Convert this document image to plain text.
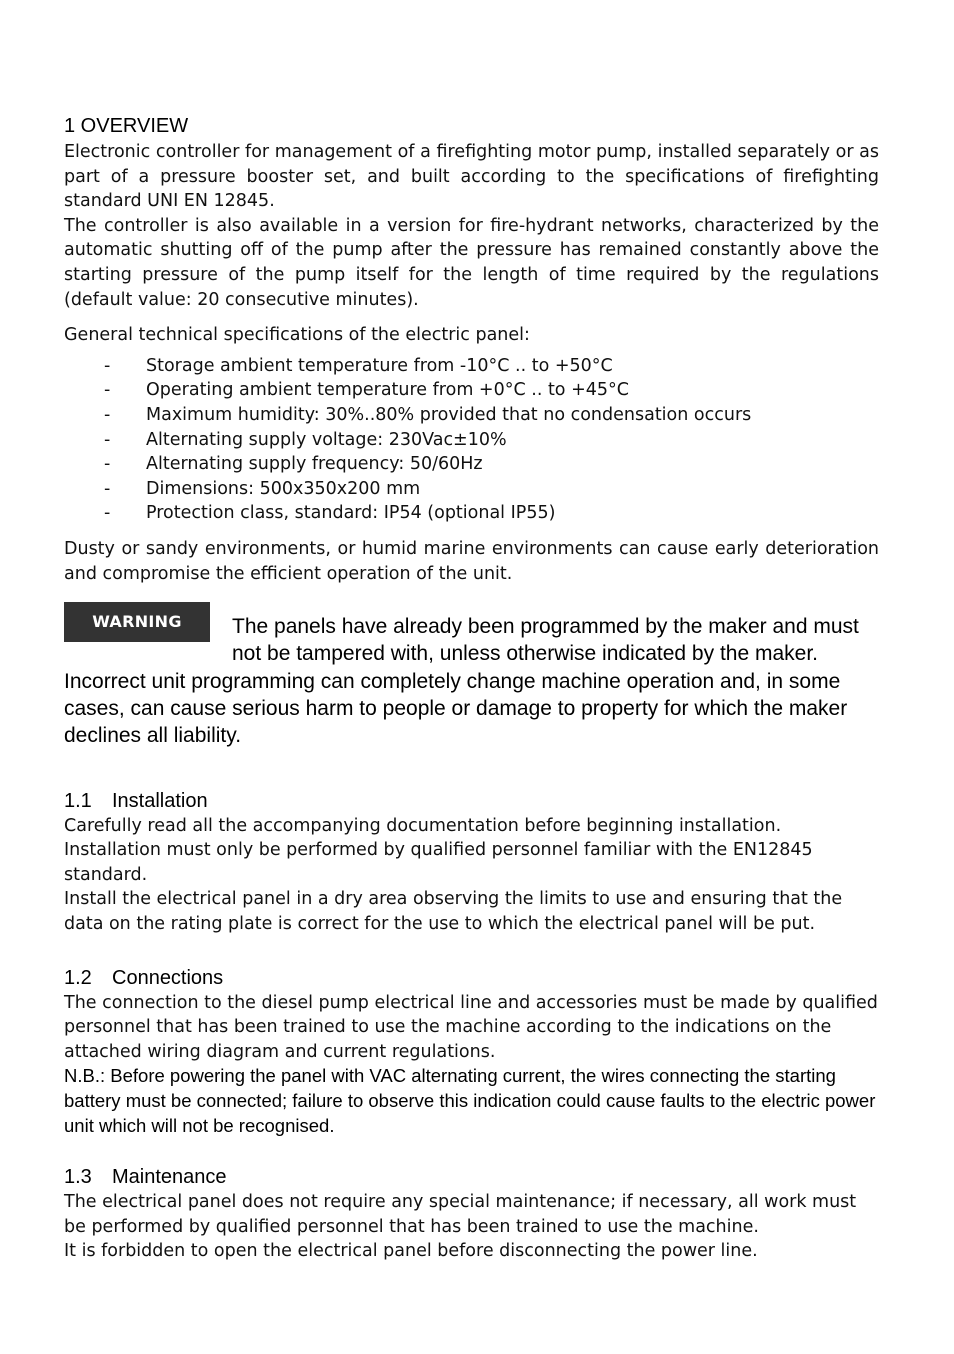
1 OVERVIEW

Electronic controller for management of a firefighting motor pump, installed separately or as part of a pressure booster set, and built according to the specifications of firefighting standard UNI EN 12845.

The controller is also available in a version for fire-hydrant networks, characterized by the automatic shutting off of the pump after the pressure has remained constantly above the starting pressure of the pump itself for the length of time required by the regulations (default value: 20 consecutive minutes).

General technical specifications of the electric panel:

-	Storage ambient temperature from -10°C .. to +50°C
-	Operating ambient temperature from +0°C .. to +45°C
-	Maximum humidity: 30%..80% provided that no condensation occurs
-	Alternating supply voltage: 230Vac±10%
-	Alternating supply frequency: 50/60Hz
-	Dimensions: 500x350x200 mm
-	Protection class, standard: IP54 (optional IP55)

Dusty or sandy environments, or humid marine environments can cause early deterioration and compromise the efficient operation of the unit.

WARNING	The panels have already been programmed by the maker and must not be tampered with, unless otherwise indicated by the maker. Incorrect unit programming can completely change machine operation and, in some cases, can cause serious harm to people or damage to property for which the maker declines all liability.
1.1 Installation

Carefully read all the accompanying documentation before beginning installation.

Installation must only be performed by qualified personnel familiar with the EN12845 standard.

Install the electrical panel in a dry area observing the limits to use and ensuring that the data on the rating plate is correct for the use to which the electrical panel will be put.

1.2 Connections

The connection to the diesel pump electrical line and accessories must be made by qualified personnel that has been trained to use the machine according to the indications on the attached wiring diagram and current regulations.

N.B.: Before powering the panel with VAC alternating current, the wires connecting the starting battery must be connected; failure to observe this indication could cause faults to the electric power unit which will not be recognised.

1.3 Maintenance

The electrical panel does not require any special maintenance; if necessary, all work must be performed by qualified personnel that has been trained to use the machine.

It is forbidden to open the electrical panel before disconnecting the power line.
